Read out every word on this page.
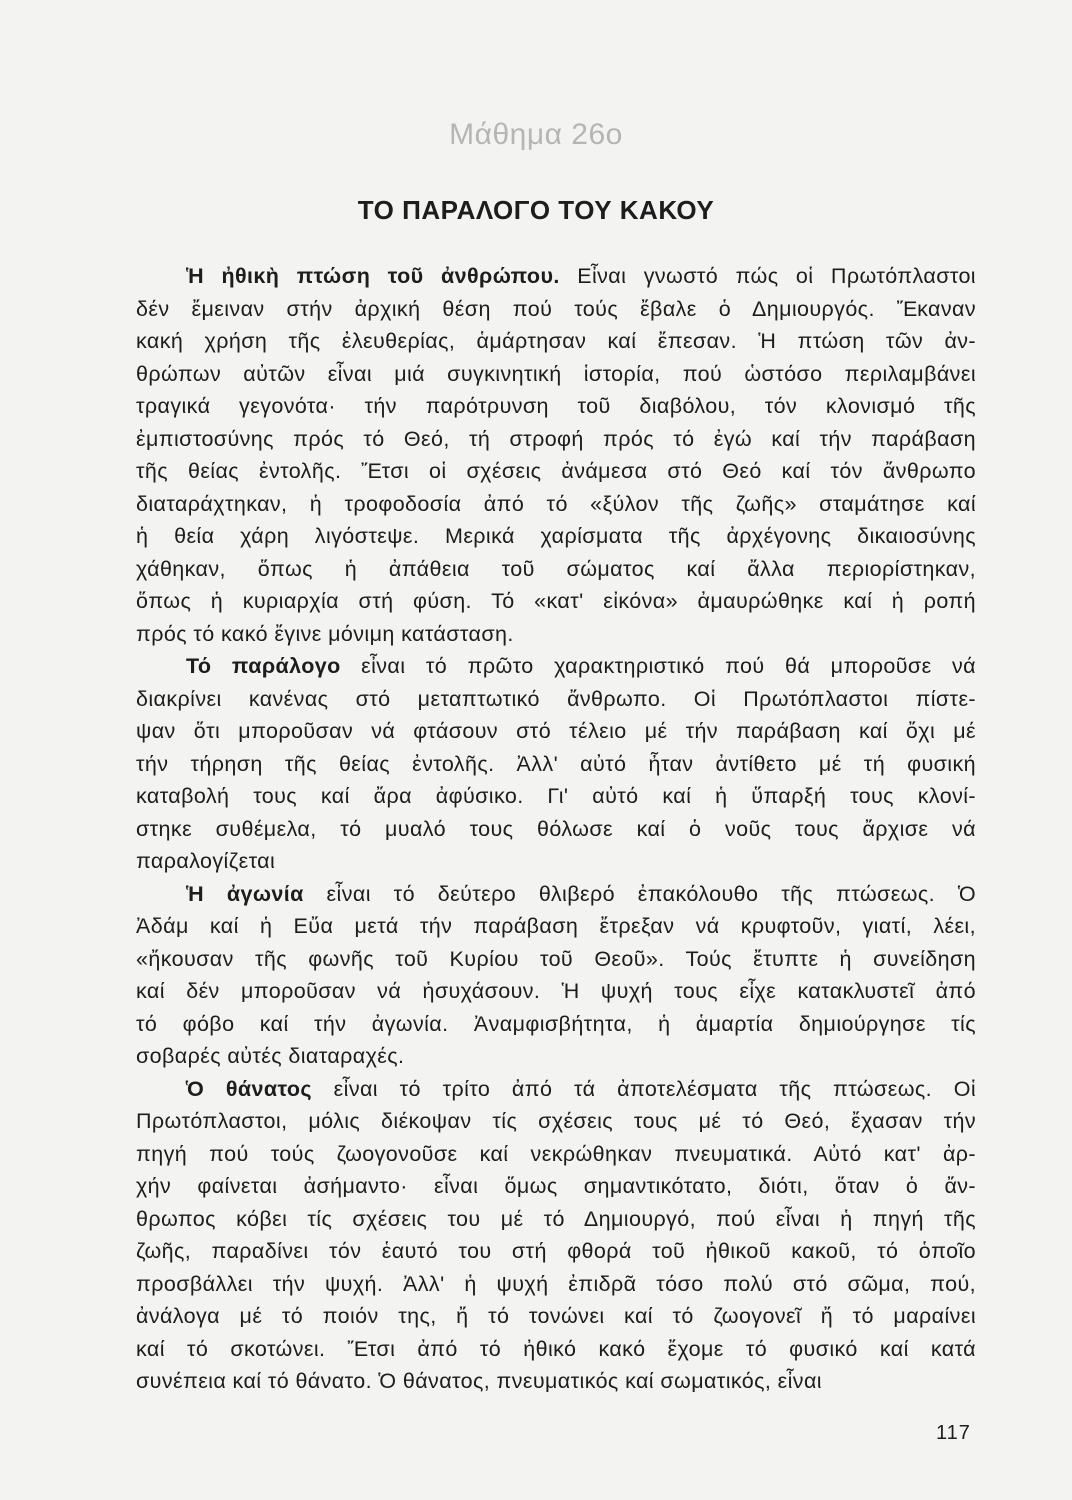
Μάθημα 26ο
ΤΟ ΠΑΡΑΛΟΓΟ ΤΟΥ ΚΑΚΟΥ
Ἡ ἠθικὴ πτώση τοῦ ἀνθρώπου. Εἶναι γνωστό πώς οἱ Πρωτόπλαστοι
δέν ἔμειναν στήν ἀρχική θέση πού τούς ἔβαλε ὁ Δημιουργός. Ἔκαναν
κακή χρήση τῆς ἐλευθερίας, ἁμάρτησαν καί ἔπεσαν. Ἡ πτώση τῶν ἀν-
θρώπων αὐτῶν εἶναι μιά συγκινητική ἱστορία, πού ὡστόσο περιλαμβάνει
τραγικά γεγονότα· τήν παρότρυνση τοῦ διαβόλου, τόν κλονισμό τῆς
ἐμπιστοσύνης πρός τό Θεό, τή στροφή πρός τό ἐγώ καί τήν παράβαση
τῆς θείας ἐντολῆς. Ἔτσι οἱ σχέσεις ἀνάμεσα στό Θεό καί τόν ἄνθρωπο
διαταράχτηκαν, ἡ τροφοδοσία ἀπό τό «ξύλον τῆς ζωῆς» σταμάτησε καί
ἡ θεία χάρη λιγόστεψε. Μερικά χαρίσματα τῆς ἀρχέγονης δικαιοσύνης
χάθηκαν, ὅπως ἡ ἀπάθεια τοῦ σώματος καί ἄλλα περιορίστηκαν,
ὅπως ἡ κυριαρχία στή φύση. Τό «κατ' εἰκόνα» ἀμαυρώθηκε καί ἡ ροπή
πρός τό κακό ἔγινε μόνιμη κατάσταση.
Τό παράλογο εἶναι τό πρῶτο χαρακτηριστικό πού θά μποροῦσε νά
διακρίνει κανένας στό μεταπτωτικό ἄνθρωπο. Οἱ Πρωτόπλαστοι πίστε-
ψαν ὅτι μποροῦσαν νά φτάσουν στό τέλειο μέ τήν παράβαση καί ὄχι μέ
τήν τήρηση τῆς θείας ἐντολῆς. Ἀλλ' αὐτό ἦταν ἀντίθετο μέ τή φυσική
καταβολή τους καί ἄρα ἀφύσικο. Γι' αὐτό καί ἡ ὕπαρξή τους κλονί-
στηκε συθέμελα, τό μυαλό τους θόλωσε καί ὁ νοῦς τους ἄρχισε νά
παραλογίζεται
Ἡ ἀγωνία εἶναι τό δεύτερο θλιβερό ἐπακόλουθο τῆς πτώσεως. Ὁ
Ἀδάμ καί ἡ Εὔα μετά τήν παράβαση ἔτρεξαν νά κρυφτοῦν, γιατί, λέει,
«ἤκουσαν τῆς φωνῆς τοῦ Κυρίου τοῦ Θεοῦ». Τούς ἔτυπτε ἡ συνείδηση
καί δέν μποροῦσαν νά ἡσυχάσουν. Ἡ ψυχή τους εἶχε κατακλυστεῖ ἀπό
τό φόβο καί τήν ἀγωνία. Ἀναμφισβήτητα, ἡ ἁμαρτία δημιούργησε τίς
σοβαρές αὐτές διαταραχές.
Ὁ θάνατος εἶναι τό τρίτο ἀπό τά ἀποτελέσματα τῆς πτώσεως. Οἱ
Πρωτόπλαστοι, μόλις διέκοψαν τίς σχέσεις τους μέ τό Θεό, ἔχασαν τήν
πηγή πού τούς ζωογονοῦσε καί νεκρώθηκαν πνευματικά. Αὐτό κατ' ἀρ-
χήν φαίνεται ἀσήμαντο· εἶναι ὅμως σημαντικότατο, διότι, ὅταν ὁ ἄν-
θρωπος κόβει τίς σχέσεις του μέ τό Δημιουργό, πού εἶναι ἡ πηγή τῆς
ζωῆς, παραδίνει τόν ἑαυτό του στή φθορά τοῦ ἠθικοῦ κακοῦ, τό ὁποῖο
προσβάλλει τήν ψυχή. Ἀλλ' ἡ ψυχή ἐπιδρᾶ τόσο πολύ στό σῶμα, πού,
ἀνάλογα μέ τό ποιόν της, ἤ τό τονώνει καί τό ζωογονεῖ ἤ τό μαραίνει
καί τό σκοτώνει. Ἔτσι ἀπό τό ἠθικό κακό ἔχομε τό φυσικό καί κατά
συνέπεια καί τό θάνατο. Ὁ θάνατος, πνευματικός καί σωματικός, εἶναι
117
